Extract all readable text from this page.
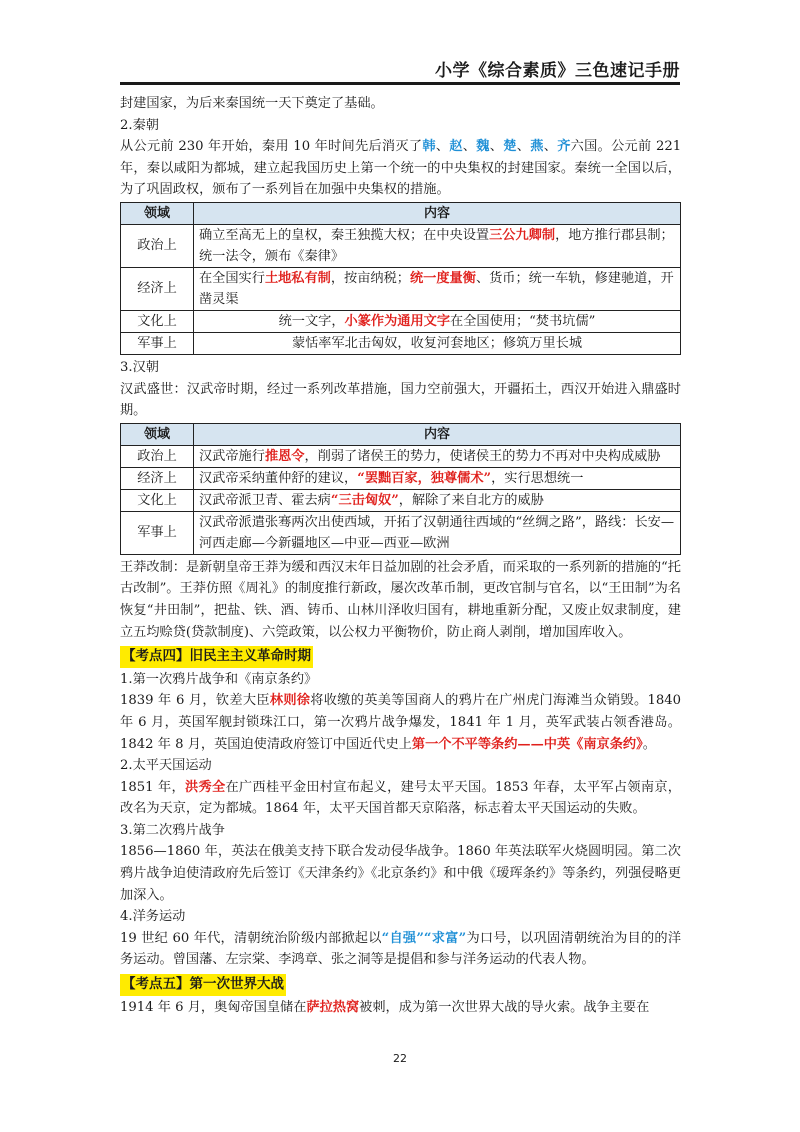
小学《综合素质》三色速记手册

封建国家，为后来秦国统一天下奠定了基础。

2.秦朝

从公元前 230 年开始，秦用 10 年时间先后消灭了韩、赵、魏、楚、燕、齐六国。公元前 221 年，秦以咸阳为都城，建立起我国历史上第一个统一的中央集权的封建国家。秦统一全国以后，为了巩固政权，颁布了一系列旨在加强中央集权的措施。

领域	内容
政治上	确立至高无上的皇权，秦王独揽大权；在中央设置三公九卿制，地方推行郡县制；统一法令，颁布《秦律》
经济上	在全国实行土地私有制，按亩纳税；统一度量衡、货币；统一车轨，修建驰道，开凿灵渠
文化上	统一文字，小篆作为通用文字在全国使用；“焚书坑儒”
军事上	蒙恬率军北击匈奴，收复河套地区；修筑万里长城

3.汉朝

汉武盛世：汉武帝时期，经过一系列改革措施，国力空前强大，开疆拓土，西汉开始进入鼎盛时期。

领域	内容
政治上	汉武帝施行推恩令，削弱了诸侯王的势力，使诸侯王的势力不再对中央构成威胁
经济上	汉武帝采纳董仲舒的建议，“罢黜百家，独尊儒术”，实行思想统一
文化上	汉武帝派卫青、霍去病“三击匈奴”，解除了来自北方的威胁
军事上	汉武帝派遣张骞两次出使西域，开拓了汉朝通往西域的“丝绸之路”，路线：长安—河西走廊—今新疆地区—中亚—西亚—欧洲

王莽改制：是新朝皇帝王莽为缓和西汉末年日益加剧的社会矛盾，而采取的一系列新的措施的“托古改制”。王莽仿照《周礼》的制度推行新政，屡次改革币制，更改官制与官名，以“王田制”为名恢复“井田制”，把盐、铁、酒、铸币、山林川泽收归国有，耕地重新分配，又废止奴隶制度，建立五均赊贷(贷款制度)、六筦政策，以公权力平衡物价，防止商人剥削，增加国库收入。

【考点四】旧民主主义革命时期

1.第一次鸦片战争和《南京条约》

1839 年 6 月，钦差大臣林则徐将收缴的英美等国商人的鸦片在广州虎门海滩当众销毁。1840 年 6 月，英国军舰封锁珠江口，第一次鸦片战争爆发，1841 年 1 月，英军武装占领香港岛。1842 年 8 月，英国迫使清政府签订中国近代史上第一个不平等条约——中英《南京条约》。

2.太平天国运动

1851 年，洪秀全在广西桂平金田村宣布起义，建号太平天国。1853 年春，太平军占领南京，改名为天京，定为都城。1864 年，太平天国首都天京陷落，标志着太平天国运动的失败。

3.第二次鸦片战争

1856—1860 年，英法在俄美支持下联合发动侵华战争。1860 年英法联军火烧圆明园。第二次鸦片战争迫使清政府先后签订《天津条约》《北京条约》和中俄《瑷珲条约》等条约，列强侵略更加深入。

4.洋务运动

19 世纪 60 年代，清朝统治阶级内部掀起以“自强”“求富”为口号，以巩固清朝统治为目的的洋务运动。曾国藩、左宗棠、李鸿章、张之洞等是提倡和参与洋务运动的代表人物。

【考点五】第一次世界大战

1914 年 6 月，奥匈帝国皇储在萨拉热窝被刺，成为第一次世界大战的导火索。战争主要在

22
